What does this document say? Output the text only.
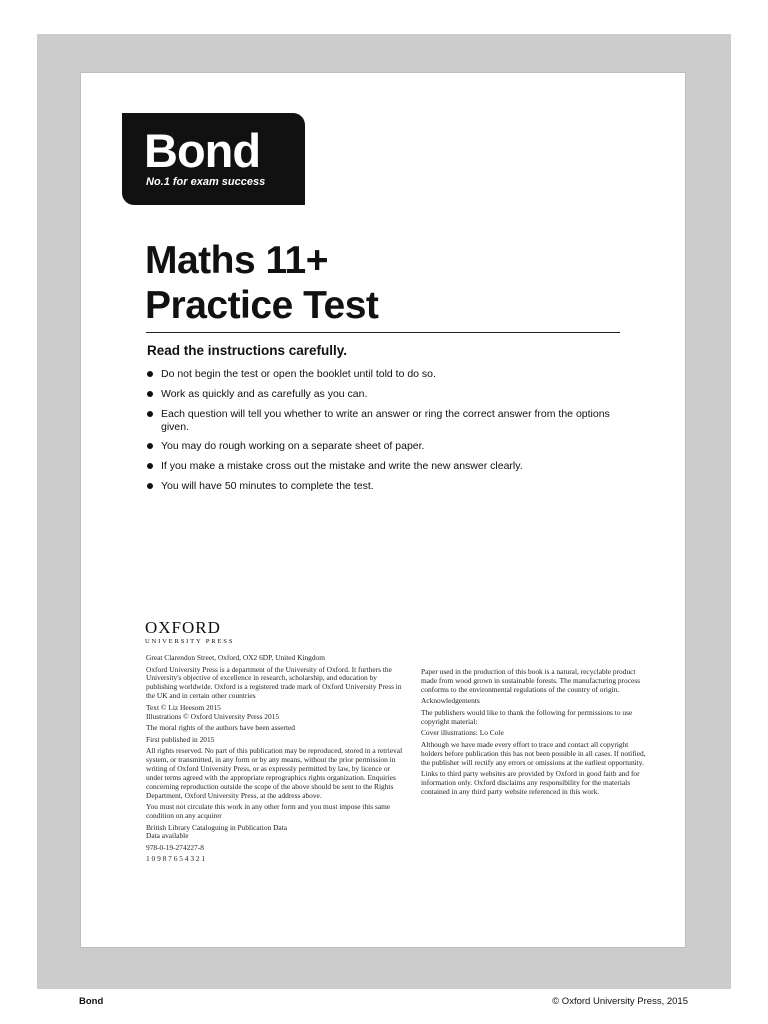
Bond
No.1 for exam success
Maths 11+
Practice Test
Read the instructions carefully.
Do not begin the test or open the booklet until told to do so.
Work as quickly and as carefully as you can.
Each question will tell you whether to write an answer or ring the correct answer from the options given.
You may do rough working on a separate sheet of paper.
If you make a mistake cross out the mistake and write the new answer clearly.
You will have 50 minutes to complete the test.
OXFORD
UNIVERSITY PRESS

Great Clarendon Street, Oxford, OX2 6DP, United Kingdom

Oxford University Press is a department of the University of Oxford. It furthers the University's objective of excellence in research, scholarship, and education by publishing worldwide. Oxford is a registered trade mark of Oxford University Press in the UK and in certain other countries

Text © Liz Heesom 2015
Illustrations © Oxford University Press 2015

The moral rights of the authors have been asserted

First published in 2015

All rights reserved. No part of this publication may be reproduced, stored in a retrieval system, or transmitted, in any form or by any means, without the prior permission in writing of Oxford University Press, or as expressly permitted by law, by licence or under terms agreed with the appropriate reprographics rights organization. Enquiries concerning reproduction outside the scope of the above should be sent to the Rights Department, Oxford University Press, at the address above.

You must not circulate this work in any other form and you must impose this same condition on any acquirer

British Library Cataloguing in Publication Data
Data available

978-0-19-274227-8

1 0 9 8 7 6 5 4 3 2 1

Paper used in the production of this book is a natural, recyclable product made from wood grown in sustainable forests. The manufacturing process conforms to the environmental regulations of the country of origin.

Acknowledgements

The publishers would like to thank the following for permissions to use copyright material:

Cover illustrations: Lo Cole

Although we have made every effort to trace and contact all copyright holders before publication this has not been possible in all cases. If notified, the publisher will rectify any errors or omissions at the earliest opportunity.

Links to third party websites are provided by Oxford in good faith and for information only. Oxford disclaims any responsibility for the materials contained in any third party website referenced in this work.

Bond	© Oxford University Press, 2015
